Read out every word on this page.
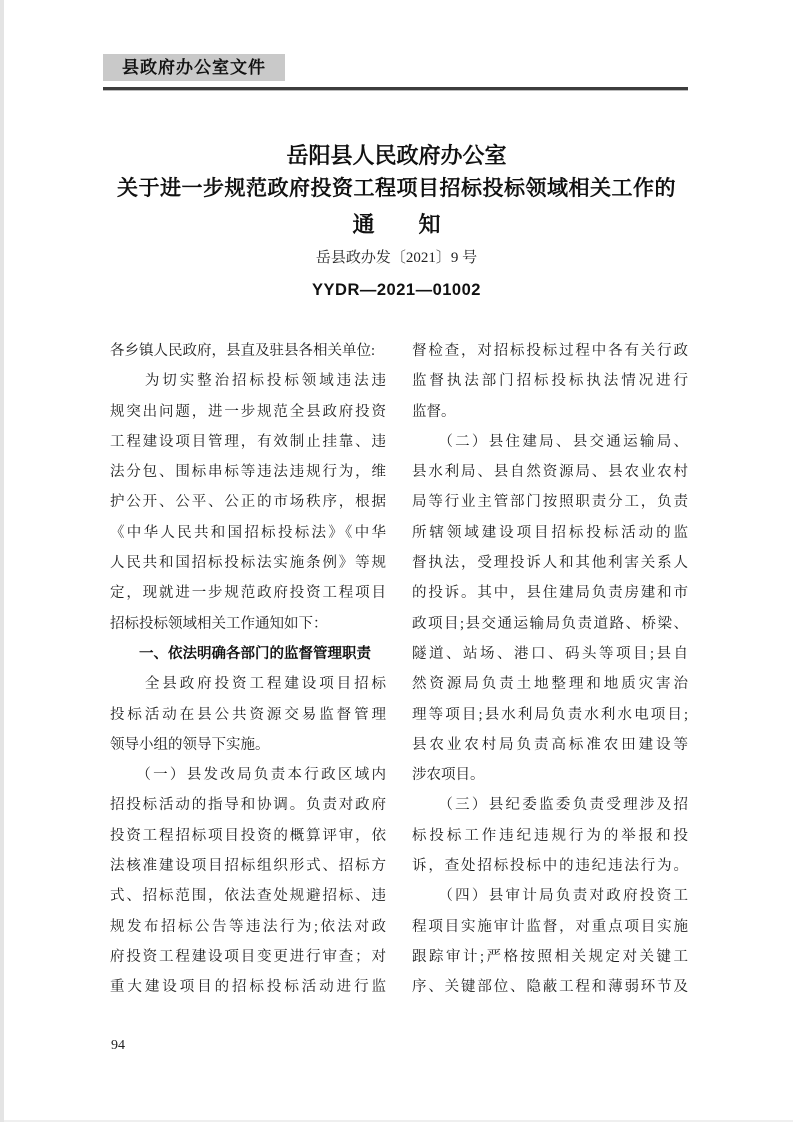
县政府办公室文件
岳阳县人民政府办公室
关于进一步规范政府投资工程项目招标投标领域相关工作的
通　　知
岳县政办发〔2021〕9 号
YYDR—2021—01002
各乡镇人民政府，县直及驻县各相关单位:
　　为切实整治招标投标领域违法违
规突出问题，进一步规范全县政府投资
工程建设项目管理，有效制止挂靠、违
法分包、围标串标等违法违规行为，维
护公开、公平、公正的市场秩序，根据
《中华人民共和国招标投标法》《中华
人民共和国招标投标法实施条例》等规
定，现就进一步规范政府投资工程项目
招标投标领域相关工作通知如下：
　　一、依法明确各部门的监督管理职责
　　全县政府投资工程建设项目招标
投标活动在县公共资源交易监督管理
领导小组的领导下实施。
　　（一）县发改局负责本行政区域内
招投标活动的指导和协调。负责对政府
投资工程招标项目投资的概算评审，依
法核准建设项目招标组织形式、招标方
式、招标范围，依法查处规避招标、违
规发布招标公告等违法行为;依法对政
府投资工程建设项目变更进行审查；对
重大建设项目的招标投标活动进行监
督检查，对招标投标过程中各有关行政
监督执法部门招标投标执法情况进行
监督。
　　（二）县住建局、县交通运输局、
县水利局、县自然资源局、县农业农村
局等行业主管部门按照职责分工，负责
所辖领域建设项目招标投标活动的监
督执法，受理投诉人和其他利害关系人
的投诉。其中，县住建局负责房建和市
政项目;县交通运输局负责道路、桥梁、
隧道、站场、港口、码头等项目;县自
然资源局负责土地整理和地质灾害治
理等项目;县水利局负责水利水电项目;
县农业农村局负责高标准农田建设等
涉农项目。
　　（三）县纪委监委负责受理涉及招
标投标工作违纪违规行为的举报和投
诉，查处招标投标中的违纪违法行为。
　　（四）县审计局负责对政府投资工
程项目实施审计监督，对重点项目实施
跟踪审计;严格按照相关规定对关键工
序、关键部位、隐蔽工程和薄弱环节及
94
